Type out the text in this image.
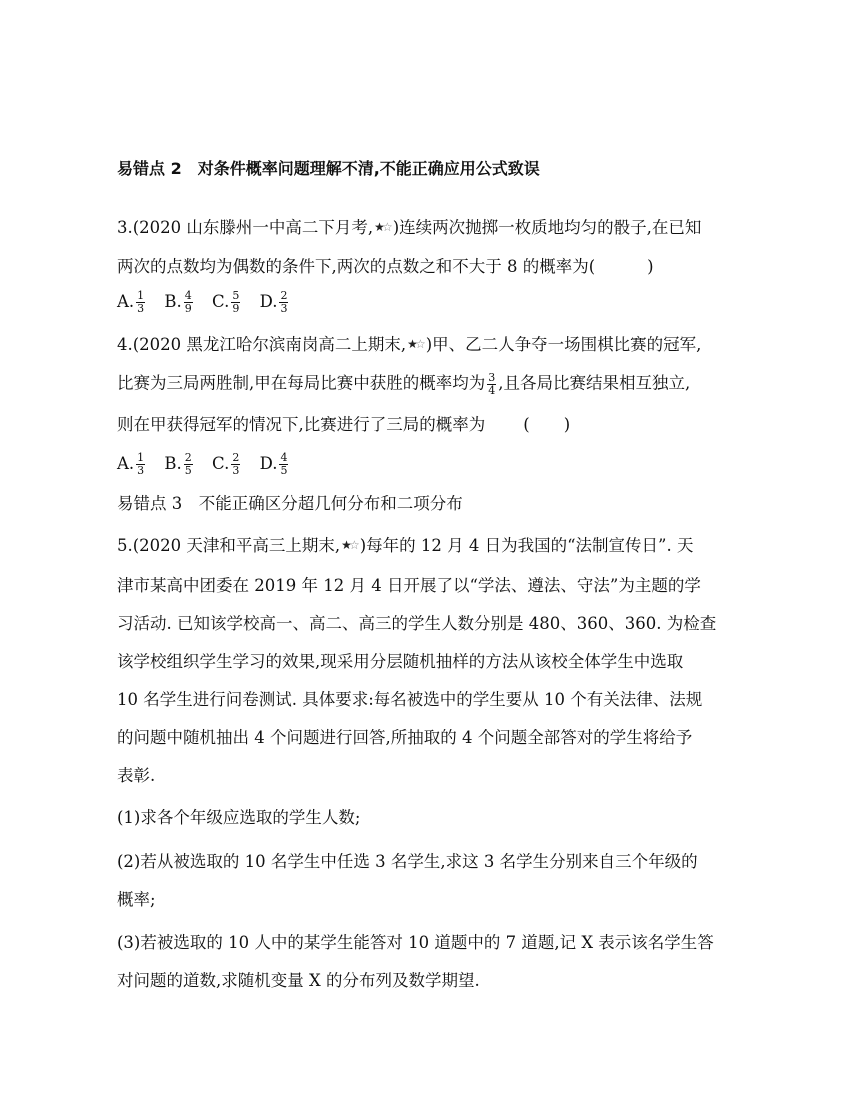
易错点 2　对条件概率问题理解不清,不能正确应用公式致误
3.(2020 山东滕州一中高二下月考,★☆ )连续两次抛掷一枚质地均匀的骰子,在已知
两次的点数均为偶数的条件下,两次的点数之和不大于 8 的概率为(	)
A. $\frac{1}{3} B$. $\frac{4}{9} C$. $\frac{5}{9} D$. $\frac{2}{3}$
4.(2020 黑龙江哈尔滨南岗高二上期末,★☆ )甲、乙二人争夺一场围棋比赛的冠军,
比赛为三局两胜制,甲在每局比赛中获胜的概率均为 $\frac{3}{4}$ ,且各局比赛结果相互独立,
则在甲获得冠军的情况下,比赛进行了三局的概率为 ( )
A. $\frac{1}{3} B$. $\frac{2}{5} C$. $\frac{2}{3} D$. $\frac{4}{5}$
易错点 3　不能正确区分超几何分布和二项分布
5.(2020 天津和平高三上期末,★☆ )每年的 12 月 4 日为我国的“法制宣传日”. 天
津市某高中团委在 2019 年 12 月 4 日开展了以“学法、遵法、守法”为主题的学
习活动. 已知该学校高一、高二、高三的学生人数分别是 480、360、360. 为检查
该学校组织学生学习的效果,现采用分层随机抽样的方法从该校全体学生中选取
10 名学生进行问卷测试. 具体要求:每名被选中的学生要从 10 个有关法律、法规
的问题中随机抽出 4 个问题进行回答,所抽取的 4 个问题全部答对的学生将给予
表彰.
(1)求各个年级应选取的学生人数;
(2)若从被选取的 10 名学生中任选 3 名学生,求这 3 名学生分别来自三个年级的
概率;
(3)若被选取的 10 人中的某学生能答对 10 道题中的 7 道题,记 X 表示该名学生答
对问题的道数,求随机变量 X 的分布列及数学期望.
